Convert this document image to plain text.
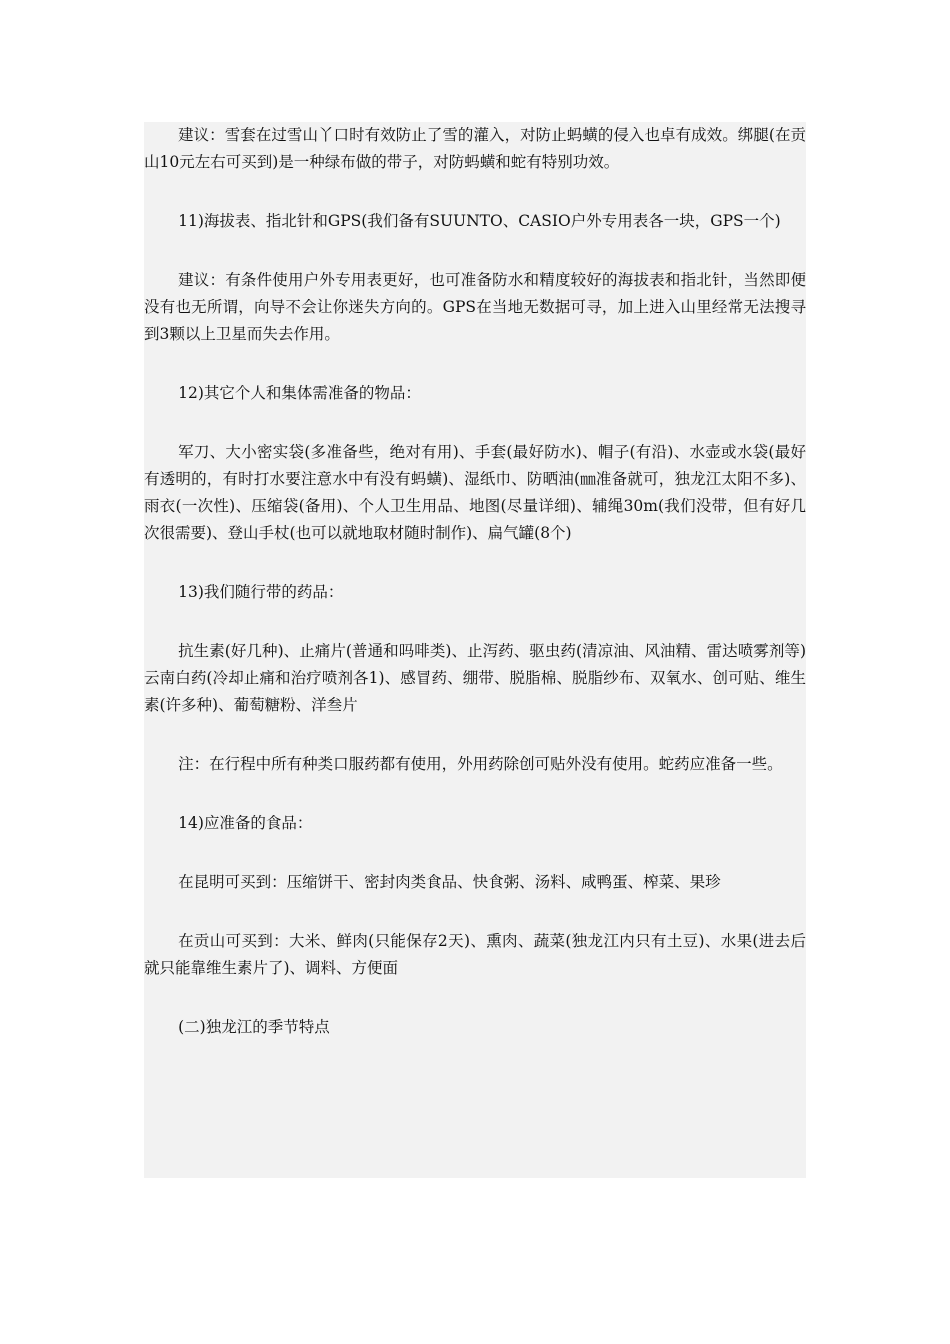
建议：雪套在过雪山丫口时有效防止了雪的灌入，对防止蚂蟥的侵入也卓有成效。绑腿(在贡山10元左右可买到)是一种绿布做的带子，对防蚂蟥和蛇有特别功效。

11)海拔表、指北针和GPS(我们备有SUUNTO、CASIO户外专用表各一块，GPS一个)

建议：有条件使用户外专用表更好，也可准备防水和精度较好的海拔表和指北针，当然即便没有也无所谓，向导不会让你迷失方向的。GPS在当地无数据可寻，加上进入山里经常无法搜寻到3颗以上卫星而失去作用。

12)其它个人和集体需准备的物品：

军刀、大小密实袋(多准备些，绝对有用)、手套(最好防水)、帽子(有沿)、水壶或水袋(最好有透明的，有时打水要注意水中有没有蚂蟥)、湿纸巾、防晒油(㎜准备就可，独龙江太阳不多)、雨衣(一次性)、压缩袋(备用)、个人卫生用品、地图(尽量详细)、辅绳30m(我们没带，但有好几次很需要)、登山手杖(也可以就地取材随时制作)、扁气罐(8个)

13)我们随行带的药品：

抗生素(好几种)、止痛片(普通和吗啡类)、止泻药、驱虫药(清凉油、风油精、雷达喷雾剂等)云南白药(冷却止痛和治疗喷剂各1)、感冒药、绷带、脱脂棉、脱脂纱布、双氧水、创可贴、维生素(许多种)、葡萄糖粉、洋叁片

注：在行程中所有种类口服药都有使用，外用药除创可贴外没有使用。蛇药应准备一些。

14)应准备的食品：

在昆明可买到：压缩饼干、密封肉类食品、快食粥、汤料、咸鸭蛋、榨菜、果珍

在贡山可买到：大米、鲜肉(只能保存2天)、熏肉、蔬菜(独龙江内只有土豆)、水果(进去后就只能靠维生素片了)、调料、方便面

(二)独龙江的季节特点
